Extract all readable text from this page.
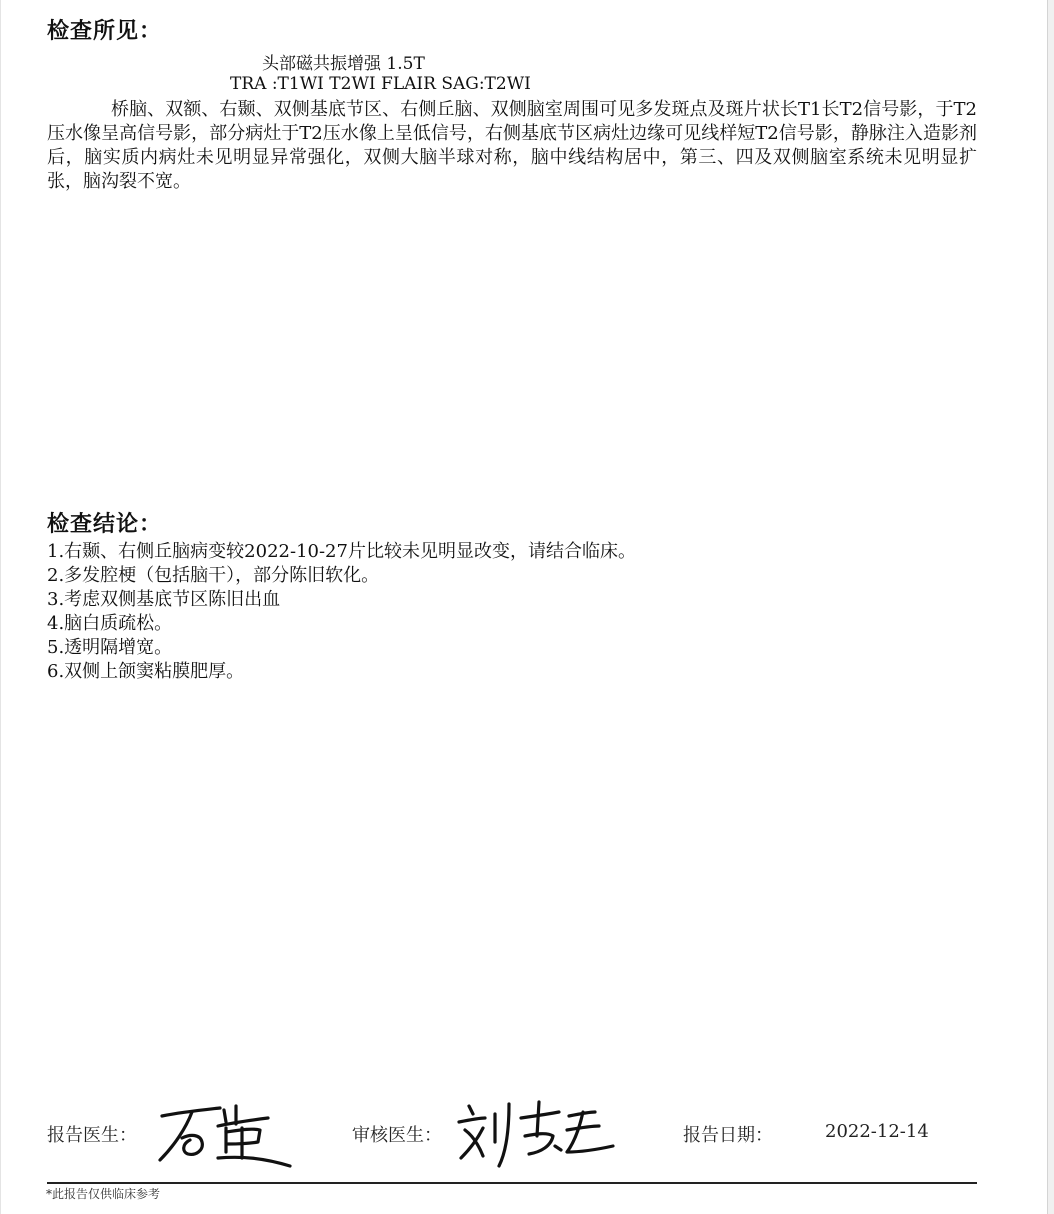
检查所见：
头部磁共振增强 1.5T
TRA :T1WI T2WI FLAIR SAG:T2WI

桥脑、双额、右颞、双侧基底节区、右侧丘脑、双侧脑室周围可见多发斑点及斑片状长T1长T2信号影，于T2压水像呈高信号影，部分病灶于T2压水像上呈低信号，右侧基底节区病灶边缘可见线样短T2信号影，静脉注入造影剂后，脑实质内病灶未见明显异常强化，双侧大脑半球对称，脑中线结构居中，第三、四及双侧脑室系统未见明显扩张，脑沟裂不宽。

检查结论：
1.右颞、右侧丘脑病变较2022-10-27片比较未见明显改变，请结合临床。
2.多发腔梗（包括脑干），部分陈旧软化。
3.考虑双侧基底节区陈旧出血
4.脑白质疏松。
5.透明隔增宽。
6.双侧上颌窦粘膜肥厚。
报告医生：	审核医生：	报告日期：	2022-12-14
*此报告仅供临床参考
